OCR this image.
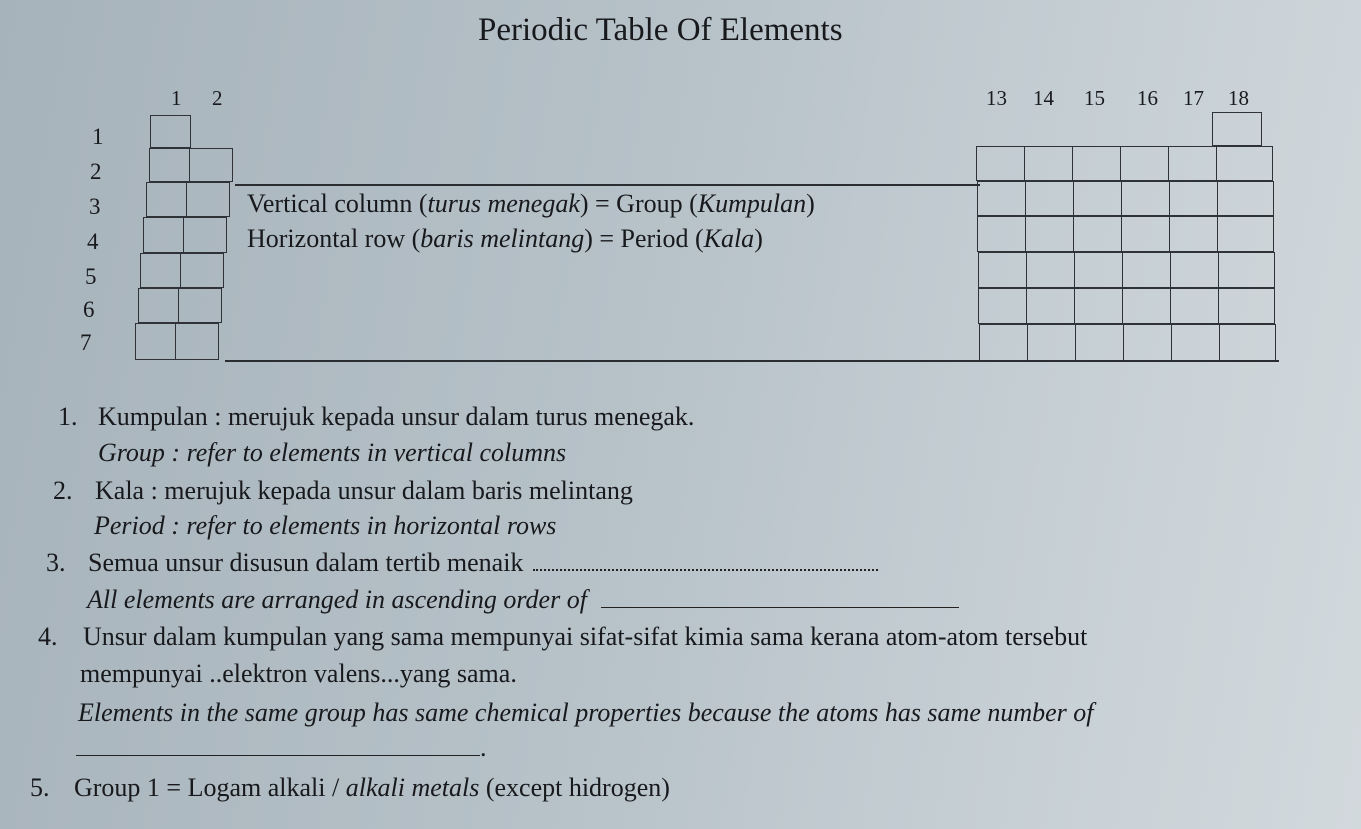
Periodic Table Of Elements
1 2	13 14 15 16 17 18
1
2
3
4
5
6
7
Vertical column (turus menegak) = Group (Kumpulan)
Horizontal row (baris melintang) = Period (Kala)
1. Kumpulan : merujuk kepada unsur dalam turus menegak.
Group : refer to elements in vertical columns
2. Kala : merujuk kepada unsur dalam baris melintang
Period : refer to elements in horizontal rows
3. Semua unsur disusun dalam tertib menaik
All elements are arranged in ascending order of
4. Unsur dalam kumpulan yang sama mempunyai sifat-sifat kimia sama kerana atom-atom tersebut
mempunyai ..elektron valens...yang sama.
Elements in the same group has same chemical properties because the atoms has same number of
.
5. Group 1 = Logam alkali / alkali metals (except hidrogen)
